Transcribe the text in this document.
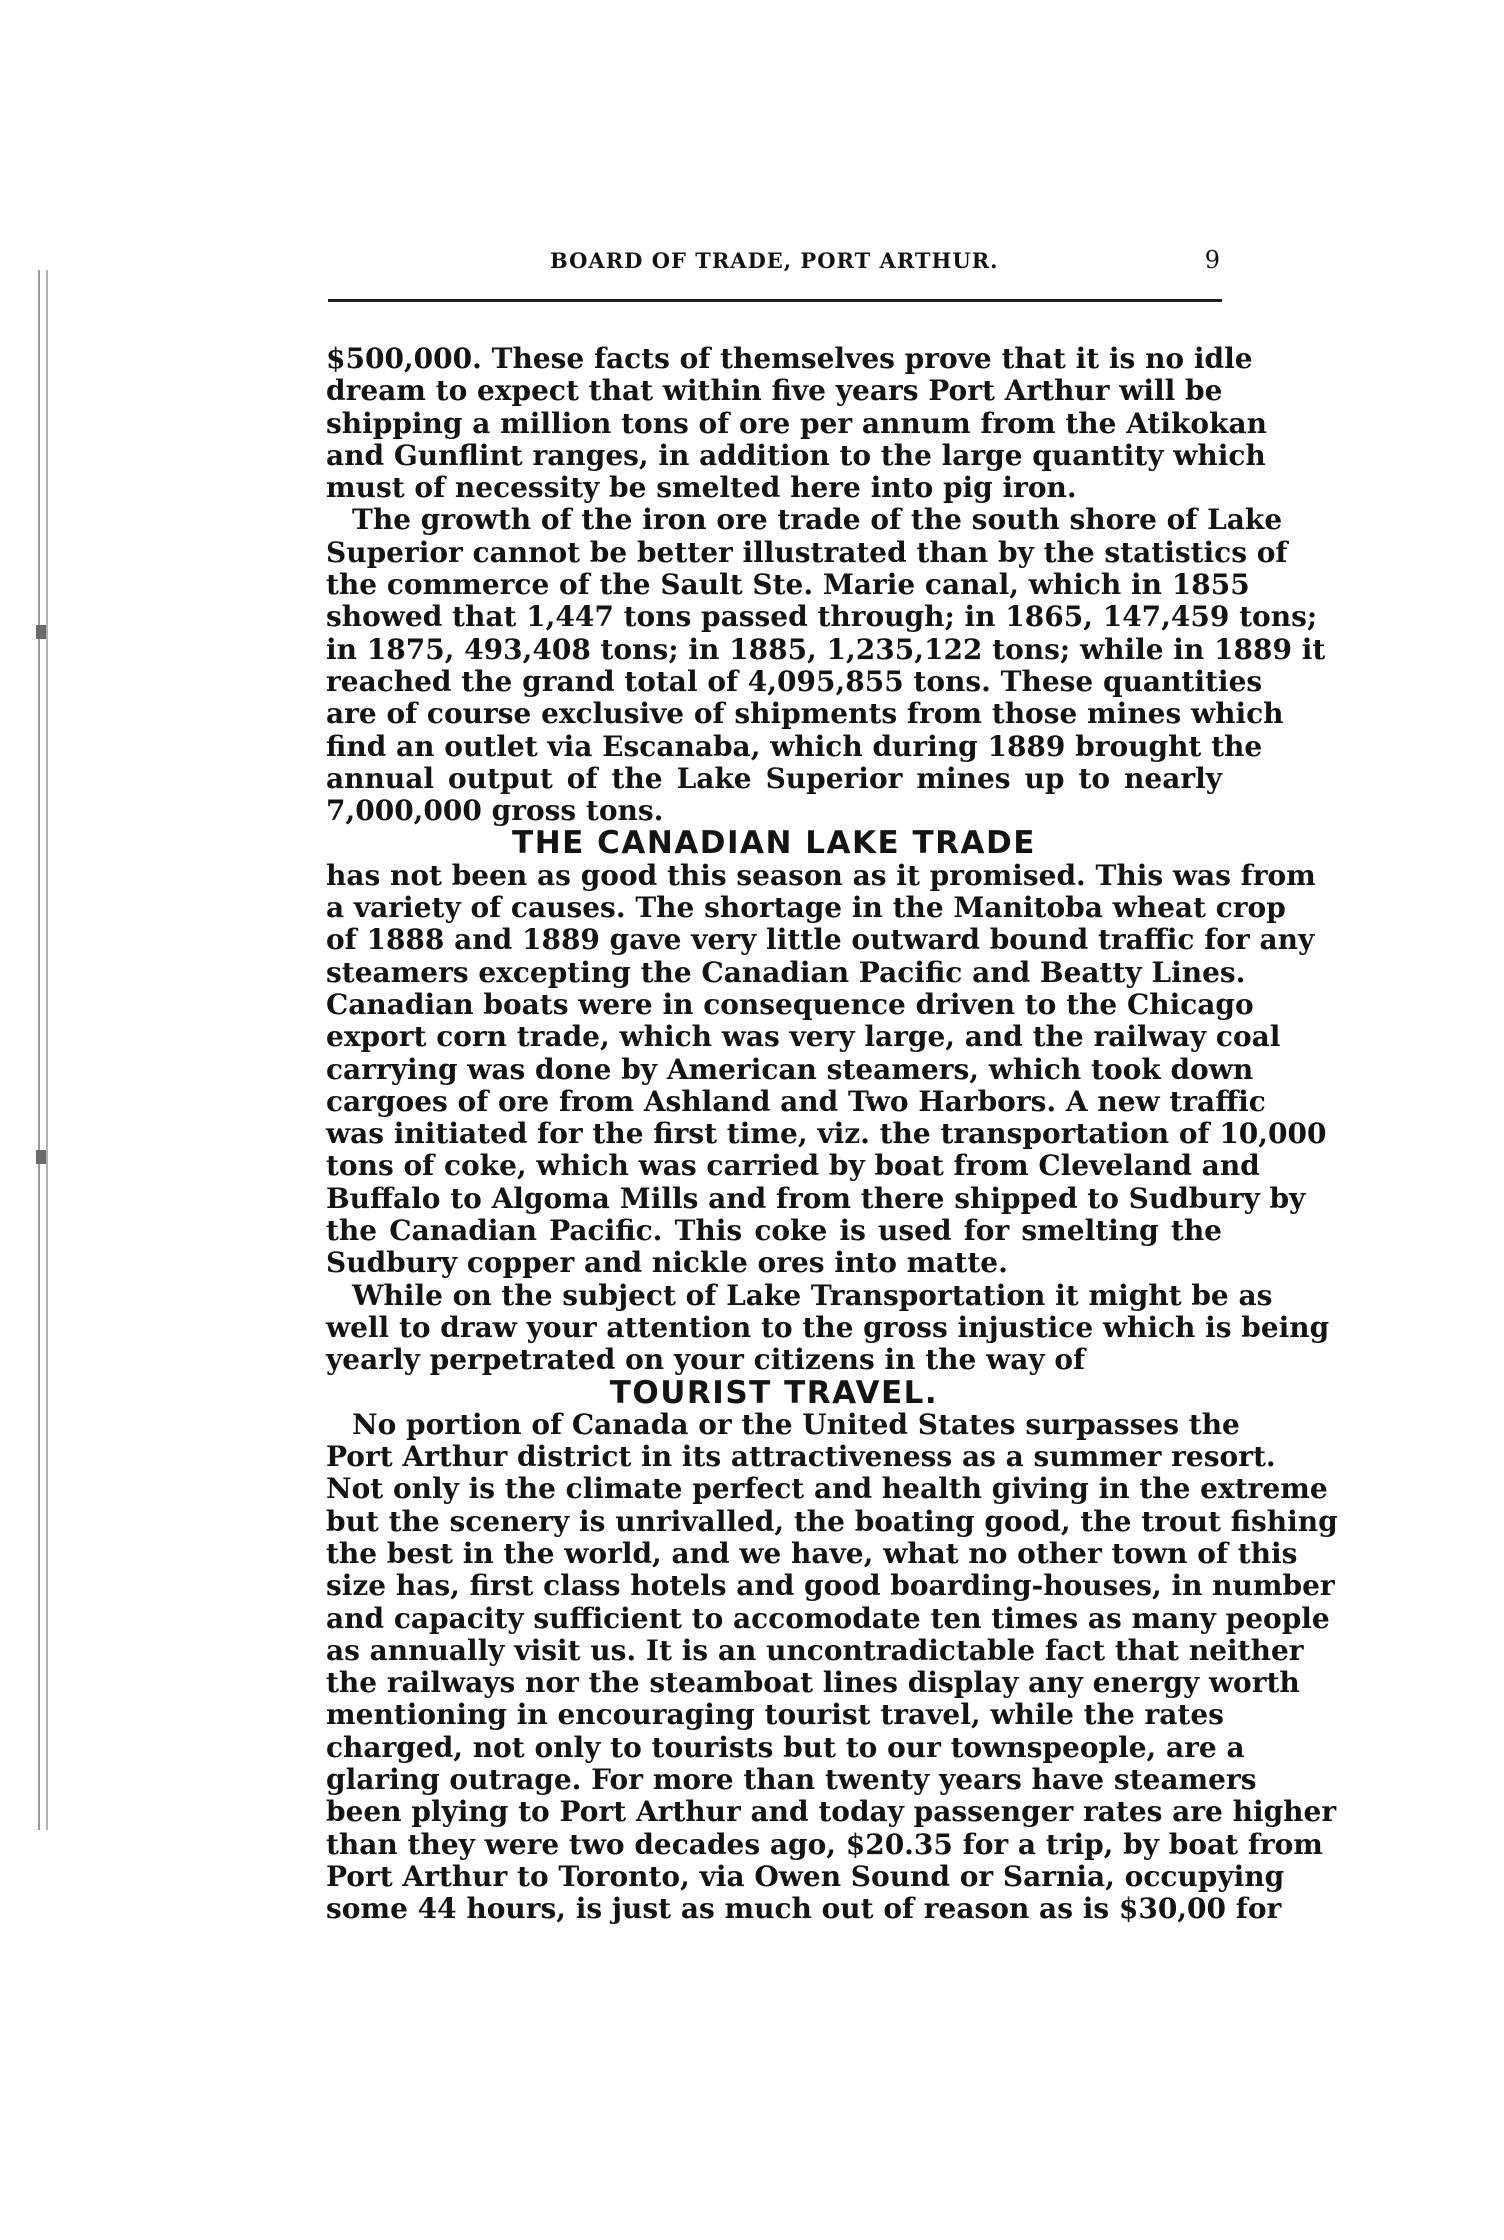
BOARD OF TRADE, PORT ARTHUR.	9
$500,000. These facts of themselves prove that it is no idle
dream to expect that within five years Port Arthur will be
shipping a million tons of ore per annum from the Atikokan
and Gunflint ranges, in addition to the large quantity which
must of necessity be smelted here into pig iron.
The growth of the iron ore trade of the south shore of Lake
Superior cannot be better illustrated than by the statistics of
the commerce of the Sault Ste. Marie canal, which in 1855
showed that 1,447 tons passed through; in 1865, 147,459 tons;
in 1875, 493,408 tons; in 1885, 1,235,122 tons; while in 1889 it
reached the grand total of 4,095,855 tons. These quantities
are of course exclusive of shipments from those mines which
find an outlet via Escanaba, which during 1889 brought the
annual output of the Lake Superior mines up to nearly
7,000,000 gross tons.
THE CANADIAN LAKE TRADE
has not been as good this season as it promised. This was from
a variety of causes. The shortage in the Manitoba wheat crop
of 1888 and 1889 gave very little outward bound traffic for any
steamers excepting the Canadian Pacific and Beatty Lines.
Canadian boats were in consequence driven to the Chicago
export corn trade, which was very large, and the railway coal
carrying was done by American steamers, which took down
cargoes of ore from Ashland and Two Harbors. A new traffic
was initiated for the first time, viz. the transportation of 10,000
tons of coke, which was carried by boat from Cleveland and
Buffalo to Algoma Mills and from there shipped to Sudbury by
the Canadian Pacific. This coke is used for smelting the
Sudbury copper and nickle ores into matte.
While on the subject of Lake Transportation it might be as
well to draw your attention to the gross injustice which is being
yearly perpetrated on your citizens in the way of
TOURIST TRAVEL.
No portion of Canada or the United States surpasses the
Port Arthur district in its attractiveness as a summer resort.
Not only is the climate perfect and health giving in the extreme
but the scenery is unrivalled, the boating good, the trout fishing
the best in the world, and we have, what no other town of this
size has, first class hotels and good boarding-houses, in number
and capacity sufficient to accomodate ten times as many people
as annually visit us. It is an uncontradictable fact that neither
the railways nor the steamboat lines display any energy worth
mentioning in encouraging tourist travel, while the rates
charged, not only to tourists but to our townspeople, are a
glaring outrage. For more than twenty years have steamers
been plying to Port Arthur and today passenger rates are higher
than they were two decades ago, $20.35 for a trip, by boat from
Port Arthur to Toronto, via Owen Sound or Sarnia, occupying
some 44 hours, is just as much out of reason as is $30,00 for
